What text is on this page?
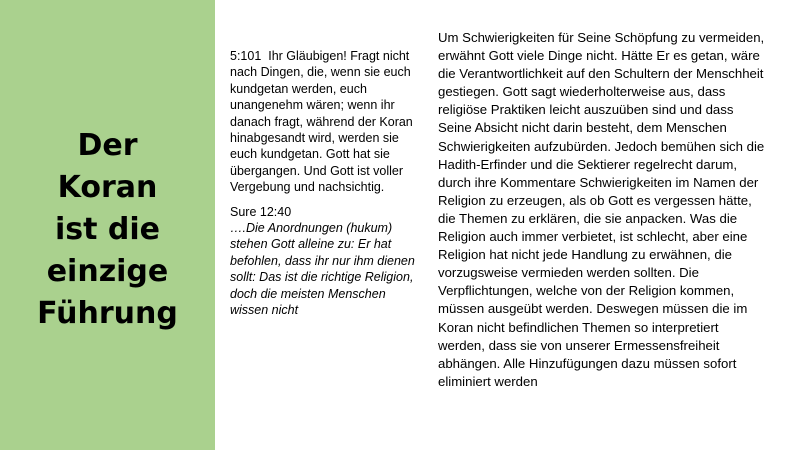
Der
Koran
ist die
einzige
Führung
5:101 Ihr Gläubigen! Fragt nicht nach Dingen, die, wenn sie euch kundgetan werden, euch unangenehm wären; wenn ihr danach fragt, während der Koran hinabgesandt wird, werden sie euch kundgetan. Gott hat sie übergangen. Und Gott ist voller Vergebung und nachsichtig.
Sure 12:40
….Die Anordnungen (hukum) stehen Gott alleine zu: Er hat befohlen, dass ihr nur ihm dienen sollt: Das ist die richtige Religion, doch die meisten Menschen wissen nicht

Um Schwierigkeiten für Seine Schöpfung zu vermeiden, erwähnt Gott viele Dinge nicht. Hätte Er es getan, wäre die Verantwortlichkeit auf den Schultern der Menschheit gestiegen. Gott sagt wiederholterweise aus, dass religiöse Praktiken leicht auszuüben sind und dass Seine Absicht nicht darin besteht, dem Menschen Schwierigkeiten aufzubürden. Jedoch bemühen sich die Hadith-Erfinder und die Sektierer regelrecht darum, durch ihre Kommentare Schwierigkeiten im Namen der Religion zu erzeugen, als ob Gott es vergessen hätte, die Themen zu erklären, die sie anpacken. Was die Religion auch immer verbietet, ist schlecht, aber eine Religion hat nicht jede Handlung zu erwähnen, die vorzugsweise vermieden werden sollten. Die Verpflichtungen, welche von der Religion kommen, müssen ausgeübt werden. Deswegen müssen die im Koran nicht befindlichen Themen so interpretiert werden, dass sie von unserer Ermessensfreiheit abhängen. Alle Hinzufügungen dazu müssen sofort eliminiert werden
